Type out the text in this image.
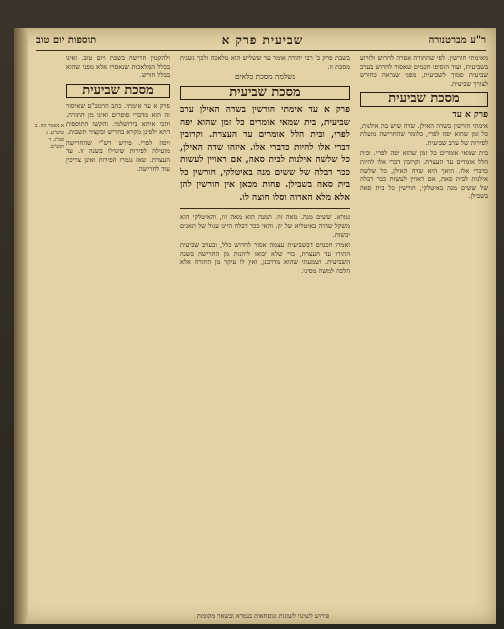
ר"ע מברטנורה
שביעית פרק א
תוספות יום טוב

מאימתי חורשין. לפי שהתורה אסרה לחרוש ולזרוע בשביעית, ועוד הוסיפו חכמים שאסור לחרוש בערב שביעית סמוך לשביעית, מפני שנראה כחורש לצורך שביעית.

מסכת שביעית

פרק א עד

אימתי חורשין בשדה האילן. שדה שיש בה אילנות, כל זמן שהוא יפה לפרי, כלומר שהחרישה מועלת לפירות של ערב שביעית.

בית שמאי אומרים כל זמן שהוא יפה לפרי. ובית הלל אומרים עד העצרת. וקרובין דברי אלו להיות כדברי אלו. היאך היא שדה האילן, כל שלשה אילנות לבית סאה, אם ראויין לעשות ככר דבלה של ששים מנה באיטלקי, חורשין כל בית סאה בשבילן.

בשבת פרק ב' רבי יהודה אומר עד ששליש הוא מלאכה ולכך נשנית מסכת זו.

נשלמה מסכת כלאים

מסכת שביעית

פרק א עד אימתי חורשין בשדה האילן ערב שביעית, בית שמאי אומרים כל זמן שהוא יפה לפרי, ובית הלל אומרים עד העצרת. וקרובין דברי אלו להיות כדברי אלו. איזהו שדה האילן, כל שלשה אילנות לבית סאה, אם ראויין לעשות ככר דבלה של ששים מנה באיטלקי, חורשין כל בית סאה בשבילן. פחות מכאן אין חורשין להן אלא מלא הארוה וסלו חוצה לו.

גמרא. ששים מנה. מאה זוז. המנה הוא מאה זוז, והאיטלקי הוא משקל שהיה באיטליא של יון. והאי ככר דבלה היינו עגול של תאנים יבשות.

ואמרו חכמים דבשביעית עצמה אסור לחרוש כלל, ובערב שביעית התירו עד העצרת, כדי שלא יבואו ליהנות מן החרישה בשנה השביעית. ושמעתי שהוא מדרבנן, ואין לו עיקר מן התורה אלא הלכה למשה מסיני.

ולהקטין חרישה בשבת ויום טוב. ואינו בכלל המלאכות שנאסרו אלא מפני שהוא בכלל חורש.

מסכת שביעית

פרק א עד אימתי. כתב הרמב"ם שאיסור זה הוא מדברי סופרים ואינו מן התורה. והכי איתא בירושלמי. והקשו התוספות דהא ילפינן מקרא בחריש ובקציר תשבות.

ויפה לפרי. פירש רש"י שהחרישה מועילה לפירות שיגדלו בשנה זו. עד העצרת. שאז נגמרו הפירות ואינן צריכין עוד לחרישה.

א מאמר מה. ב טוש"ע. ג סמ"ג. ד רמב"ם.
פירוש לשינוי לשונות ונוסחאות בגמרא ובשאר מקומות
